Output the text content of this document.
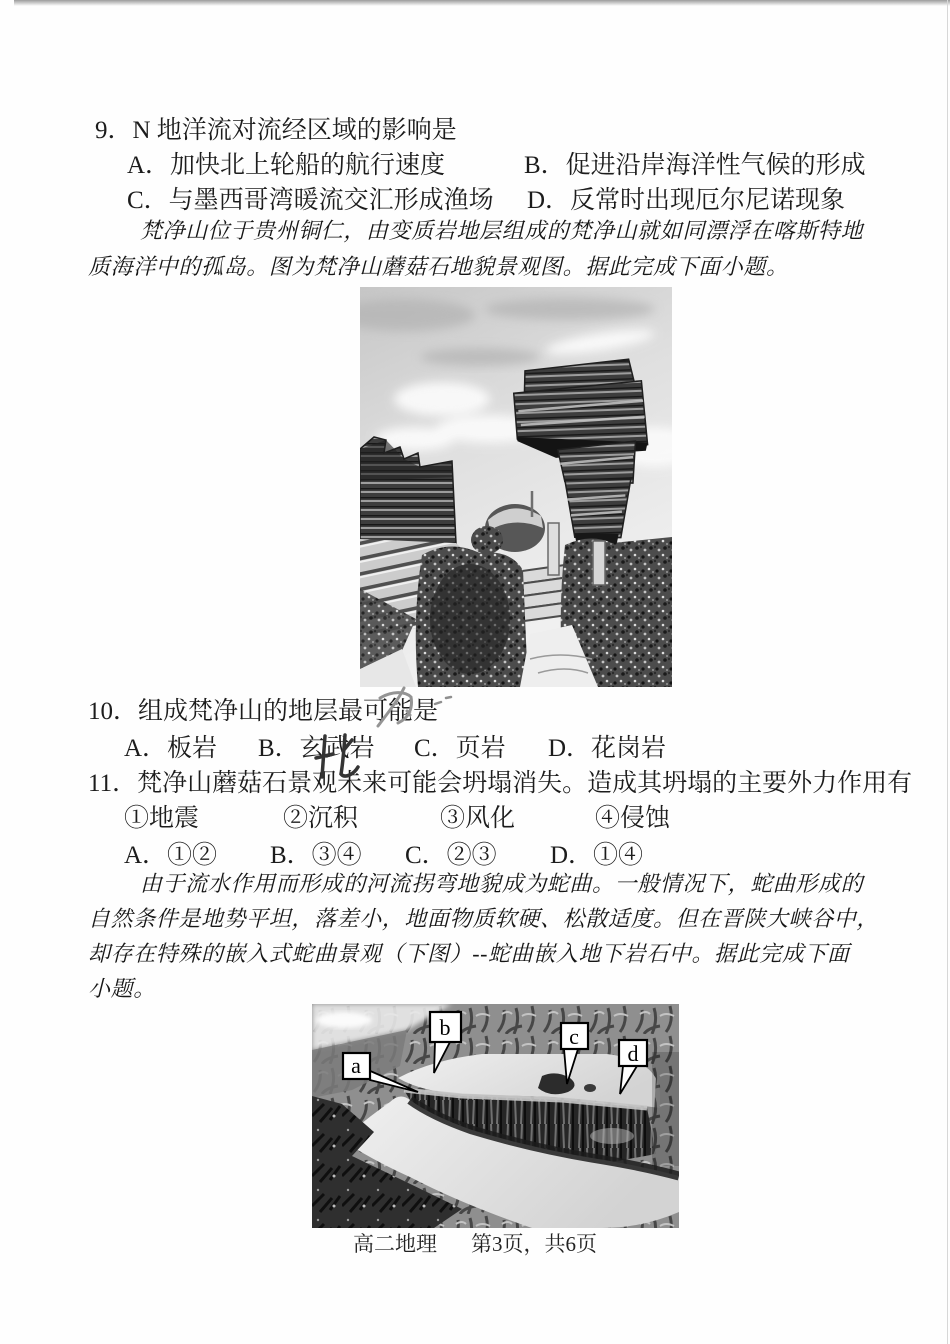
9．N 地洋流对流经区域的影响是
A．加快北上轮船的航行速度	B．促进沿岸海洋性气候的形成
C．与墨西哥湾暖流交汇形成渔场 D．反常时出现厄尔尼诺现象
梵净山位于贵州铜仁，由变质岩地层组成的梵净山就如同漂浮在喀斯特地
质海洋中的孤岛。图为梵净山蘑菇石地貌景观图。据此完成下面小题。
10．组成梵净山的地层最可能是
A．板岩 B．玄武岩 C．页岩 D．花岗岩
11．梵净山蘑菇石景观未来可能会坍塌消失。造成其坍塌的主要外力作用有
①地震	②沉积	③风化	④侵蚀
A．①② B．③④ C．②③ D．①④
由于流水作用而形成的河流拐弯地貌成为蛇曲。一般情况下，蛇曲形成的
自然条件是地势平坦，落差小，地面物质软硬、松散适度。但在晋陕大峡谷中，
却存在特殊的嵌入式蛇曲景观（下图）--蛇曲嵌入地下岩石中。据此完成下面
小题。
a
b	c
d
高二地理 第3页，共6页
